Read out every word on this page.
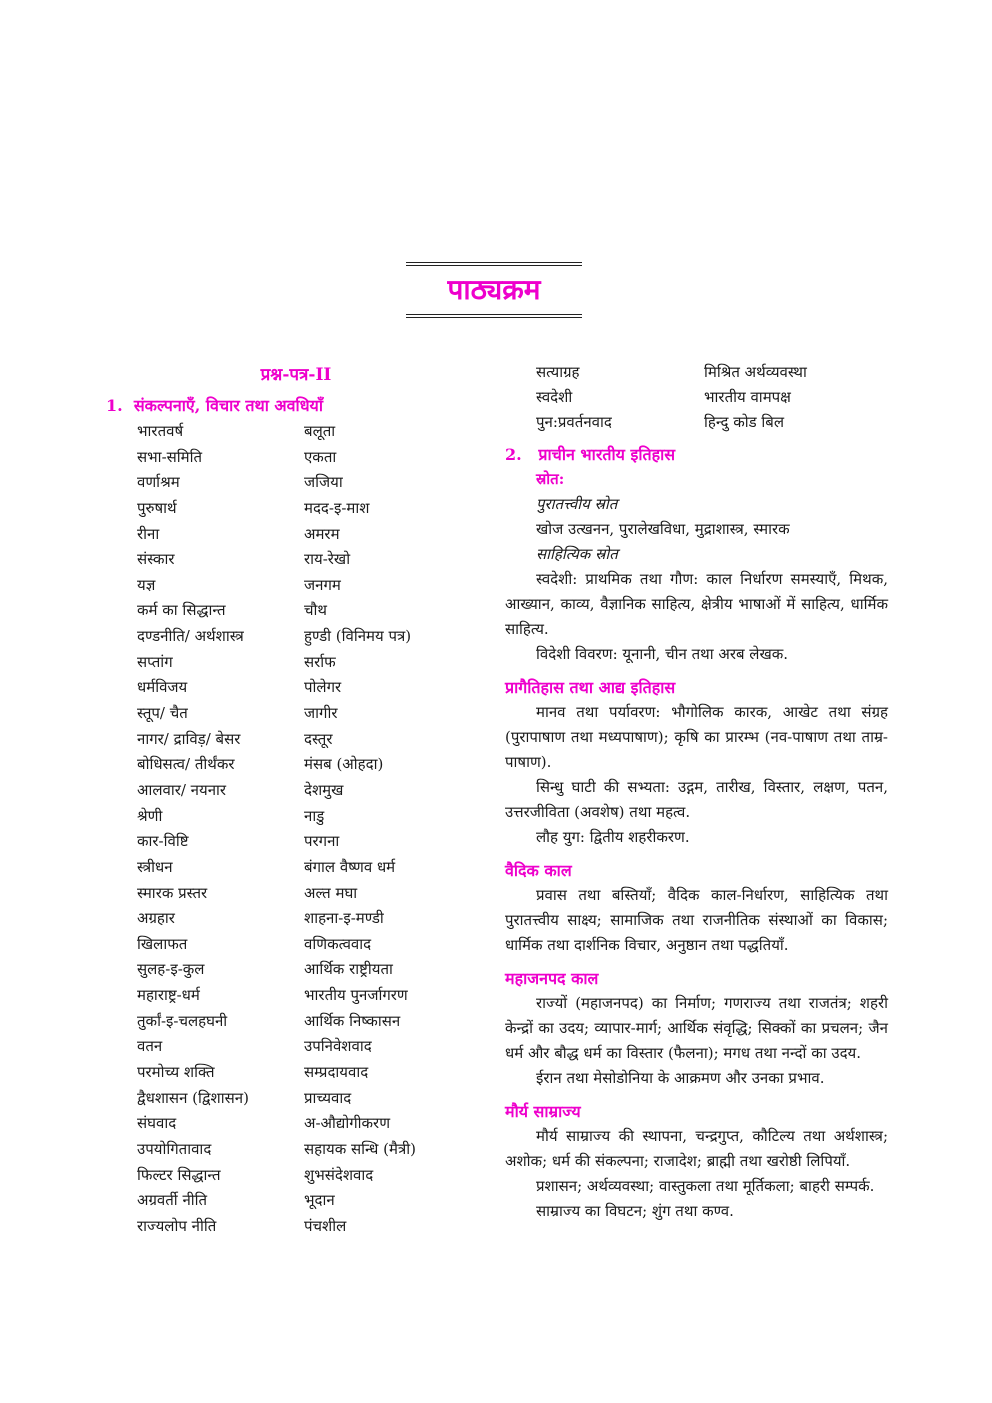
पाठ्यक्रम
प्रश्न-पत्र-II
1. संकल्पनाएँ, विचार तथा अवधियाँ
भारतवर्ष	बलूता
सभा-समिति	एकता
वर्णाश्रम	जजिया
पुरुषार्थ	मदद-इ-माश
रीना	अमरम
संस्कार	राय-रेखो
यज्ञ	जनगम
कर्म का सिद्धान्त	चौथ
दण्डनीति/ अर्थशास्त्र	हुण्डी (विनिमय पत्र)
सप्तांग	सर्राफ
धर्मविजय	पोलेगर
स्तूप/ चैत	जागीर
नागर/ द्राविड़/ बेसर	दस्तूर
बोधिसत्व/ तीर्थंकर	मंसब (ओहदा)
आलवार/ नयनार	देशमुख
श्रेणी	नाडु
कार-विष्टि	परगना
स्त्रीधन	बंगाल वैष्णव धर्म
स्मारक प्रस्तर	अल्त मघा
अग्रहार	शाहना-इ-मण्डी
खिलाफत	वणिकत्ववाद
सुलह-इ-कुल	आर्थिक राष्ट्रीयता
महाराष्ट्र-धर्म	भारतीय पुनर्जागरण
तुर्कां-इ-चलहघनी	आर्थिक निष्कासन
वतन	उपनिवेशवाद
परमोच्य शक्ति	सम्प्रदायवाद
द्वैधशासन (द्विशासन)	प्राच्यवाद
संघवाद	अ-औद्योगीकरण
उपयोगितावाद	सहायक सन्धि (मैत्री)
फिल्टर सिद्धान्त	शुभसंदेशवाद
अग्रवर्ती नीति	भूदान
राज्यलोप नीति	पंचशील
सत्याग्रह	मिश्रित अर्थव्यवस्था
स्वदेशी	भारतीय वामपक्ष
पुन:प्रवर्तनवाद	हिन्दु कोड बिल
2. प्राचीन भारतीय इतिहास
स्रोत:
पुरातत्त्वीय स्रोत
खोज उत्खनन, पुरालेखविधा, मुद्राशास्त्र, स्मारक
साहित्यिक स्रोत

स्वदेशी: प्राथमिक तथा गौण: काल निर्धारण समस्याएँ, मिथक, आख्यान, काव्य, वैज्ञानिक साहित्य, क्षेत्रीय भाषाओं में साहित्य, धार्मिक साहित्य.

विदेशी विवरण: यूनानी, चीन तथा अरब लेखक.

प्रागैतिहास तथा आद्य इतिहास

मानव तथा पर्यावरण: भौगोलिक कारक, आखेट तथा संग्रह (पुरापाषाण तथा मध्यपाषाण); कृषि का प्रारम्भ (नव-पाषाण तथा ताम्र-पाषाण).

सिन्धु घाटी की सभ्यता: उद्गम, तारीख, विस्तार, लक्षण, पतन, उत्तरजीविता (अवशेष) तथा महत्व.

लौह युग: द्वितीय शहरीकरण.

वैदिक काल

प्रवास तथा बस्तियाँ; वैदिक काल-निर्धारण, साहित्यिक तथा पुरातत्त्वीय साक्ष्य; सामाजिक तथा राजनीतिक संस्थाओं का विकास; धार्मिक तथा दार्शनिक विचार, अनुष्ठान तथा पद्धतियाँ.

महाजनपद काल

राज्यों (महाजनपद) का निर्माण; गणराज्य तथा राजतंत्र; शहरी केन्द्रों का उदय; व्यापार-मार्ग; आर्थिक संवृद्धि; सिक्कों का प्रचलन; जैन धर्म और बौद्ध धर्म का विस्तार (फैलना); मगध तथा नन्दों का उदय.

ईरान तथा मेसोडोनिया के आक्रमण और उनका प्रभाव.

मौर्य साम्राज्य

मौर्य साम्राज्य की स्थापना, चन्द्रगुप्त, कौटिल्य तथा अर्थशास्त्र; अशोक; धर्म की संकल्पना; राजादेश; ब्राह्मी तथा खरोष्ठी लिपियाँ.

प्रशासन; अर्थव्यवस्था; वास्तुकला तथा मूर्तिकला; बाहरी सम्पर्क.

साम्राज्य का विघटन; शुंग तथा कण्व.
